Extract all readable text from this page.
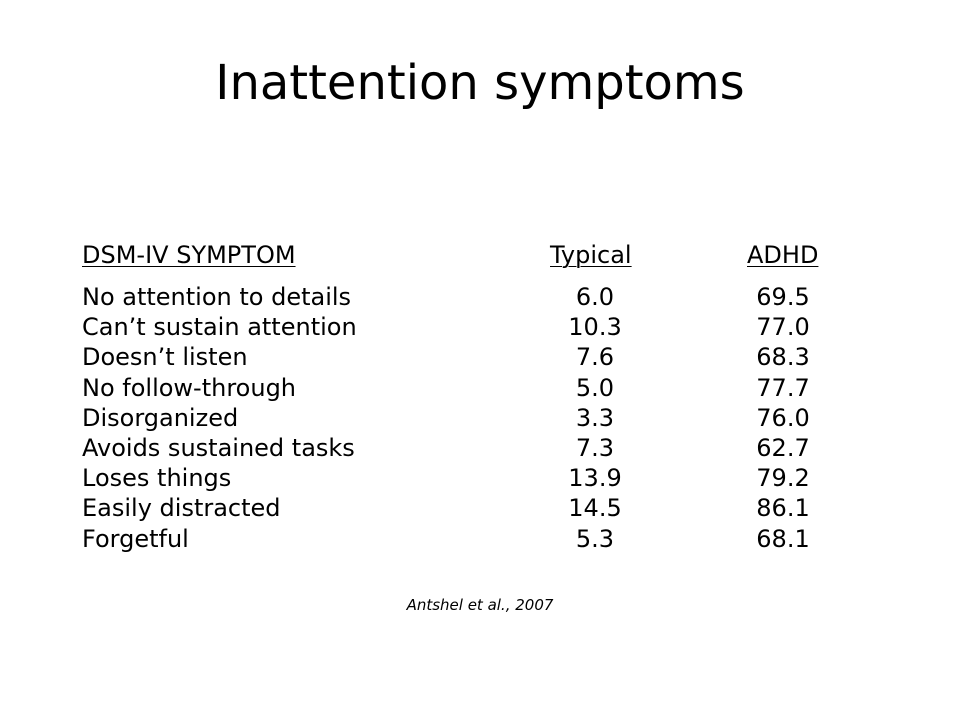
Inattention symptoms
DSM-IV SYMPTOM	Typical	ADHD
No attention to details	6.0	69.5
Can’t sustain attention	10.3	77.0
Doesn’t listen	7.6	68.3
No follow-through	5.0	77.7
Disorganized	3.3	76.0
Avoids sustained tasks	7.3	62.7
Loses things	13.9	79.2
Easily distracted	14.5	86.1
Forgetful	5.3	68.1
Antshel et al., 2007
